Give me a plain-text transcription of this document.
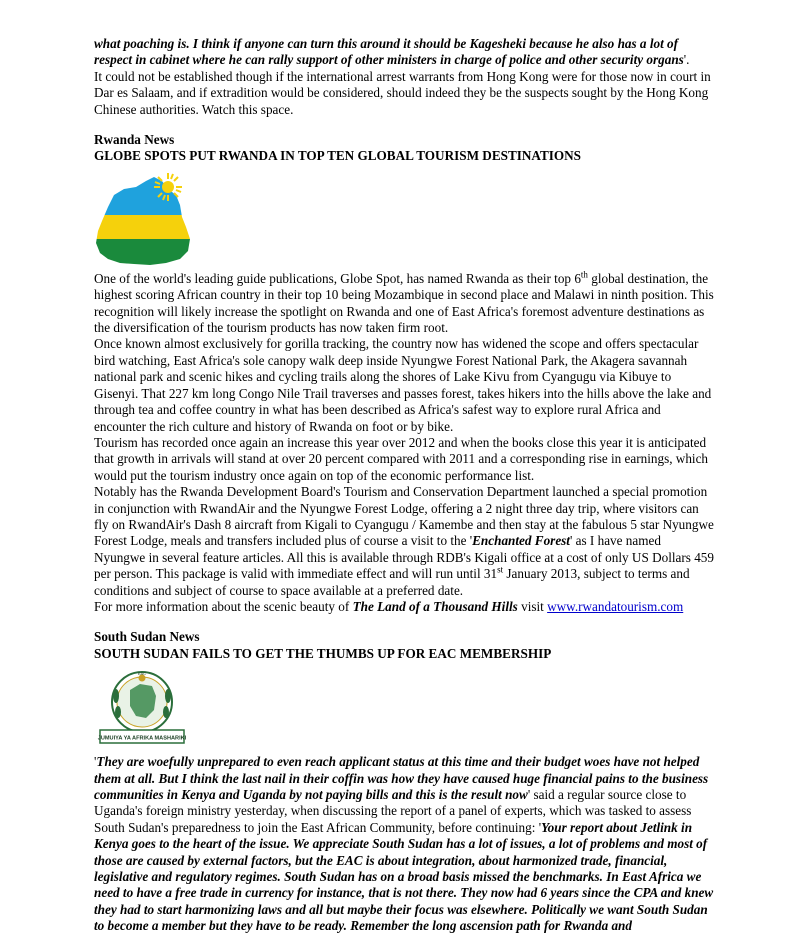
what poaching is. I think if anyone can turn this around it should be Kagesheki because he also has a lot of respect in cabinet where he can rally support of other ministers in charge of police and other security organs'.

It could not be established though if the international arrest warrants from Hong Kong were for those now in court in Dar es Salaam, and if extradition would be considered, should indeed they be the suspects sought by the Hong Kong Chinese authorities. Watch this space.

Rwanda News

GLOBE SPOTS PUT RWANDA IN TOP TEN GLOBAL TOURISM DESTINATIONS

One of the world's leading guide publications, Globe Spot, has named Rwanda as their top 6th global destination, the highest scoring African country in their top 10 being Mozambique in second place and Malawi in ninth position. This recognition will likely increase the spotlight on Rwanda and one of East Africa's foremost adventure destinations as the diversification of the tourism products has now taken firm root.

Once known almost exclusively for gorilla tracking, the country now has widened the scope and offers spectacular bird watching, East Africa's sole canopy walk deep inside Nyungwe Forest National Park, the Akagera savannah national park and scenic hikes and cycling trails along the shores of Lake Kivu from Cyangugu via Kibuye to Gisenyi. That 227 km long Congo Nile Trail traverses and passes forest, takes hikers into the hills above the lake and through tea and coffee country in what has been described as Africa's safest way to explore rural Africa and encounter the rich culture and history of Rwanda on foot or by bike.

Tourism has recorded once again an increase this year over 2012 and when the books close this year it is anticipated that growth in arrivals will stand at over 20 percent compared with 2011 and a corresponding rise in earnings, which would put the tourism industry once again on top of the economic performance list.

Notably has the Rwanda Development Board's Tourism and Conservation Department launched a special promotion in conjunction with RwandAir and the Nyungwe Forest Lodge, offering a 2 night three day trip, where visitors can fly on RwandAir's Dash 8 aircraft from Kigali to Cyangugu / Kamembe and then stay at the fabulous 5 star Nyungwe Forest Lodge, meals and transfers included plus of course a visit to the 'Enchanted Forest' as I have named Nyungwe in several feature articles. All this is available through RDB's Kigali office at a cost of only US Dollars 459 per person. This package is valid with immediate effect and will run until 31st January 2013, subject to terms and conditions and subject of course to space available at a preferred date.

For more information about the scenic beauty of The Land of a Thousand Hills visit www.rwandatourism.com

South Sudan News

SOUTH SUDAN FAILS TO GET THE THUMBS UP FOR EAC MEMBERSHIP

JUMUIYA YA AFRIKA MASHARIKI
EAC

'They are woefully unprepared to even reach applicant status at this time and their budget woes have not helped them at all. But I think the last nail in their coffin was how they have caused huge financial pains to the business communities in Kenya and Uganda by not paying bills and this is the result now' said a regular source close to Uganda's foreign ministry yesterday, when discussing the report of a panel of experts, which was tasked to assess South Sudan's preparedness to join the East African Community, before continuing: 'Your report about Jetlink in Kenya goes to the heart of the issue. We appreciate South Sudan has a lot of issues, a lot of problems and most of those are caused by external factors, but the EAC is about integration, about harmonized trade, financial, legislative and regulatory regimes. South Sudan has on a broad basis missed the benchmarks. In East Africa we need to have a free trade in currency for instance, that is not there. They now had 6 years since the CPA and knew they had to start harmonizing laws and all but maybe their focus was elsewhere. Politically we want South Sudan to become a member but they have to be ready. Remember the long ascension path for Rwanda and
